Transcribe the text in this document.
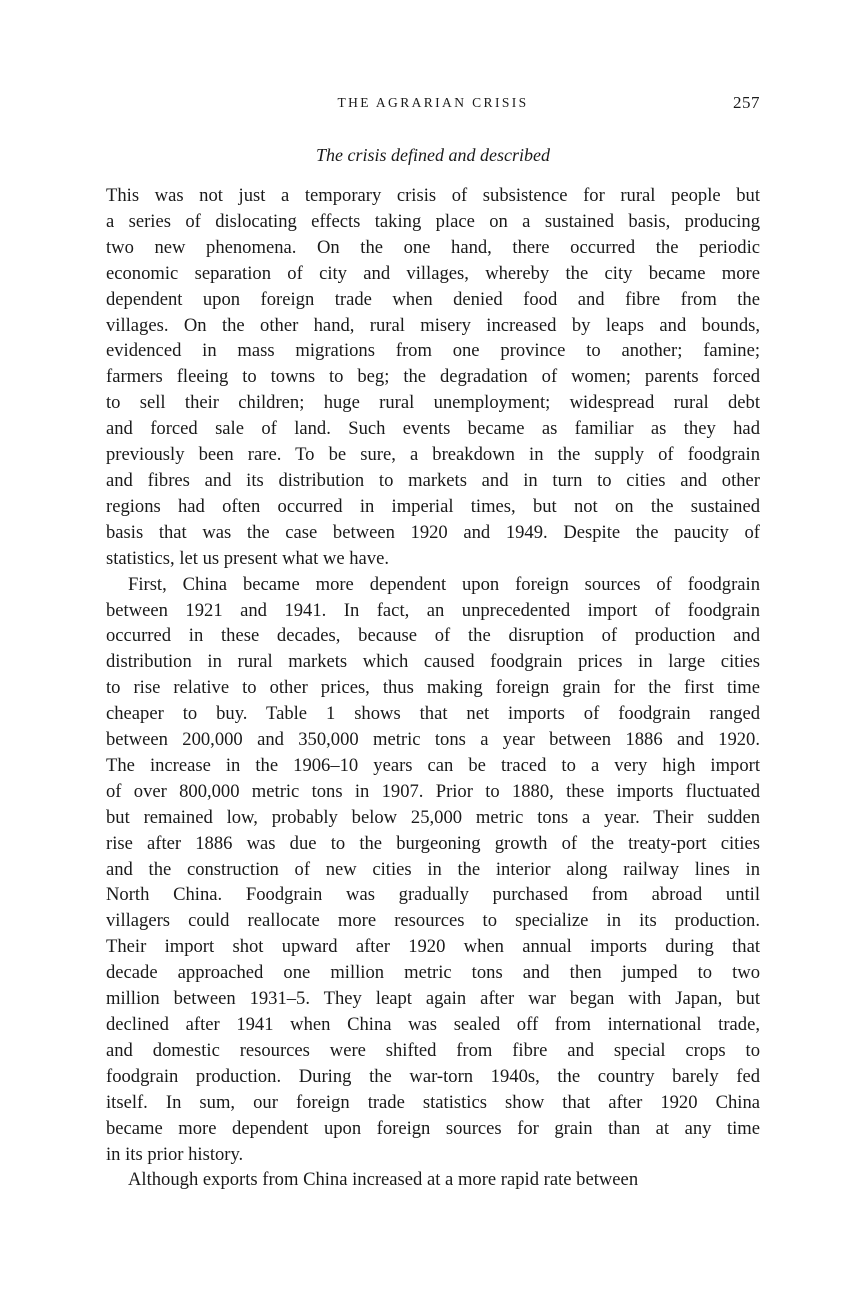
THE AGRARIAN CRISIS	257
The crisis defined and described

This was not just a temporary crisis of subsistence for rural people but
a series of dislocating effects taking place on a sustained basis, producing
two new phenomena. On the one hand, there occurred the periodic
economic separation of city and villages, whereby the city became more
dependent upon foreign trade when denied food and fibre from the
villages. On the other hand, rural misery increased by leaps and bounds,
evidenced in mass migrations from one province to another; famine;
farmers fleeing to towns to beg; the degradation of women; parents forced
to sell their children; huge rural unemployment; widespread rural debt
and forced sale of land. Such events became as familiar as they had
previously been rare. To be sure, a breakdown in the supply of foodgrain
and fibres and its distribution to markets and in turn to cities and other
regions had often occurred in imperial times, but not on the sustained
basis that was the case between 1920 and 1949. Despite the paucity of
statistics, let us present what we have.

First, China became more dependent upon foreign sources of foodgrain
between 1921 and 1941. In fact, an unprecedented import of foodgrain
occurred in these decades, because of the disruption of production and
distribution in rural markets which caused foodgrain prices in large cities
to rise relative to other prices, thus making foreign grain for the first time
cheaper to buy. Table 1 shows that net imports of foodgrain ranged
between 200,000 and 350,000 metric tons a year between 1886 and 1920.
The increase in the 1906–10 years can be traced to a very high import
of over 800,000 metric tons in 1907. Prior to 1880, these imports fluctuated
but remained low, probably below 25,000 metric tons a year. Their sudden
rise after 1886 was due to the burgeoning growth of the treaty-port cities
and the construction of new cities in the interior along railway lines in
North China. Foodgrain was gradually purchased from abroad until
villagers could reallocate more resources to specialize in its production.
Their import shot upward after 1920 when annual imports during that
decade approached one million metric tons and then jumped to two
million between 1931–5. They leapt again after war began with Japan, but
declined after 1941 when China was sealed off from international trade,
and domestic resources were shifted from fibre and special crops to
foodgrain production. During the war-torn 1940s, the country barely fed
itself. In sum, our foreign trade statistics show that after 1920 China
became more dependent upon foreign sources for grain than at any time
in its prior history.

Although exports from China increased at a more rapid rate between
